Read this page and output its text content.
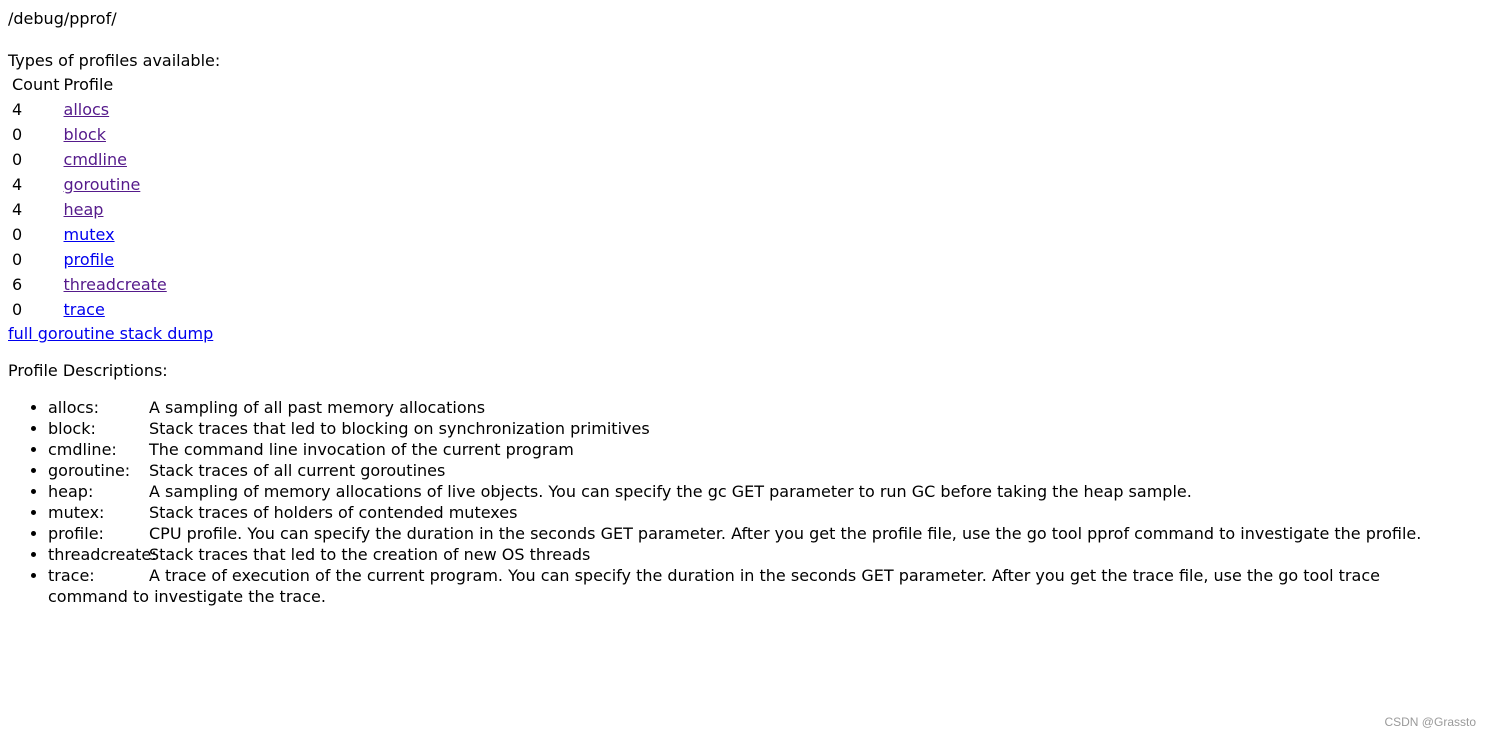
/debug/pprof/
Types of profiles available:
Count	Profile
4	allocs
0	block
0	cmdline
4	goroutine
4	heap
0	mutex
0	profile
6	threadcreate
0	trace
full goroutine stack dump
Profile Descriptions:
• allocs:	A sampling of all past memory allocations
• block:	Stack traces that led to blocking on synchronization primitives
• cmdline: The command line invocation of the current program
• goroutine: Stack traces of all current goroutines
• heap:	A sampling of memory allocations of live objects. You can specify the gc GET parameter to run GC before taking the heap sample.
• mutex:	Stack traces of holders of contended mutexes
• profile:	CPU profile. You can specify the duration in the seconds GET parameter. After you get the profile file, use the go tool pprof command to investigate the profile.
• threadcreate:Stack traces that led to the creation of new OS threads
• trace:	A trace of execution of the current program. You can specify the duration in the seconds GET parameter. After you get the trace file, use the go tool trace command to investigate the trace.
CSDN @Grassto
